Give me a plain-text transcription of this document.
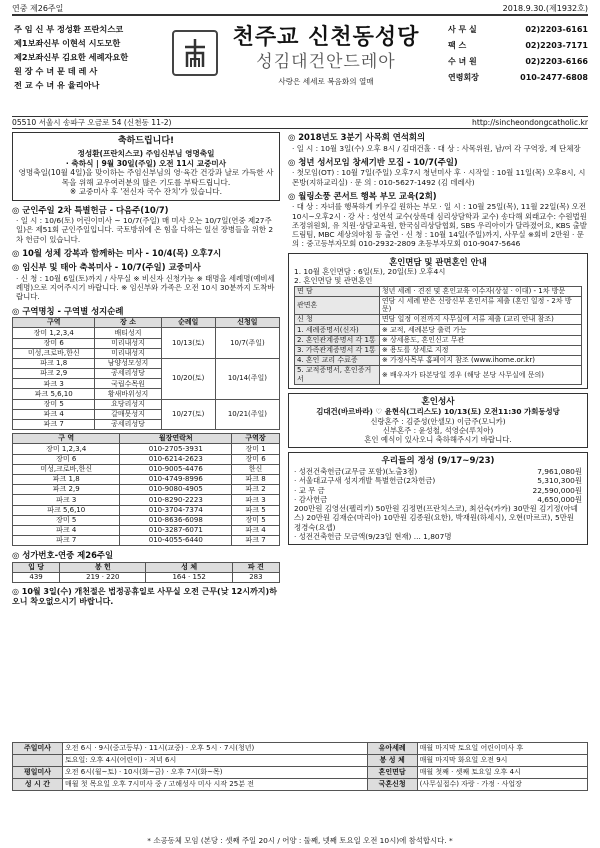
연중 제26주일	2018.9.30.(제1932호)
주 임 신 부 정성환 프란치스코
제1보좌신부 이현석 시도모한
제2보좌신부 김요한 세례자요한
원 장 수 녀 문 데 레 사
전 교 수 녀 유 율리아나
천주교 신천동성당
성김대건안드레아
사랑은 세세로 복음화의 열매
사 무 실	02)2203-6161
팩 스	02)2203-7171
수 녀 원	02)2203-6166
연령회장	010-2477-6808
05510 서울시 송파구 오금로 54 (신천동 11-2)	http://sincheondongcatholic.kr
축하드립니다!

정성환(프란치스코) 주임신부님 영명축일

· 축하식 | 9월 30일(주일) 오전 11시 교중미사

영명축일(10월 4일)을 맞이하는 주임신부님의 영·육간 건강과 날로 가득한 사목을 위해 교우여러분의 많은 기도를 부탁드립니다.

※ 교중미사 후 '전신자 국수 잔치'가 있습니다.

◎ 군인주일 2차 특별헌금 - 다음주(10/7)

· 일 시 : 10/6(토) 어린이미사 ~ 10/7(주일) 매 미사 오는 10/7일(연중 제27주일)은 제51회 군인주일입니다. 국토방위에 온 힘을 다하는 일선 장병들을 위한 2차 헌금이 있습니다.

◎ 10월 성체 강복과 함께하는 미사 - 10/4(목) 오후7시
◎ 임신부 및 태아 축복미사 - 10/7(주일) 교중미사

· 신 청 : 10월 6일(토)까지 / 사무실 ※ 비신자 신청가능 ※ 태명을 세례명(예비세례명)으로 지어주시기 바랍니다. ※ 임신부와 가족은 오전 10시 30분까지 도착바랍니다.

◎ 구역명칭 - 구역별 성지순례
구역	장 소	순례일	신청일
장미 1,2,3,4	배티성지	10/13(토)	10/7(주일)
장미 6	미리내성지		
미성,크로바,한신	미리내성지		
파크 1,8	남양성모성지	10/20(토)	10/14(주일)
파크 2,9	공세리성당		
파크 3	국립수목원		
파크 5,6,10	황새바위성지		
장미 5	요당리성지	10/27(토)	10/21(주일)
파크 4	갈매못성지		
파크 7	공세리성당		
구 역	월장연락처	구역장
장미 1,2,3,4	010-2705-3931	장미 1
장미 6	010-6214-2623	장미 6
미성,크로바,한신	010-9005-4476	한신
파크 1,8	010-4749-8996	파크 8
파크 2,9	010-9080-4905	파크 2
파크 3	010-8290-2223	파크 3
파크 5,6,10	010-3704-7374	파크 5
장미 5	010-8636-6098	장미 5
파크 4	010-3287-6071	파크 4
파크 7	010-4055-6440	파크 7
◎ 성가번호-연중 제26주일
입 당	봉 헌	성 체	파 견
439	219 · 220	164 · 152	283
◎ 10월 3일(수) 개천절은 법정공휴일로 사무실 오전 근무(낮 12시까지)하오니 착오없으시기 바랍니다.
◎ 2018년도 3분기 사목회 연석회의

· 일 시 : 10월 3일(수) 오후 8시 / 김대건홀 · 대 상 : 사목위원, 남/여 각 구역장, 제 단체장

◎ 청년 성서모임 창세기반 모집 - 10/7(주일)

· 첫모임(OT) : 10월 7일(주일) 오후7시 청년미사 후 · 시작일 : 10월 11일(목) 오후8시, 시몬방(지하교리실) · 문 의 : 010-5627-1492 (김 데레사)

◎ 월링소풍 콘서트 행복 부모 교육(2회)

· 대 상 : 자녀를 행복하게 키우길 원하는 부모 · 일 시 : 10월 25일(목), 11월 22일(목) 오전10시~오후2시 · 강 사 : 성연석 교수(상록대 심리상담학과 교수) 송다해 외래교수: 수원법원조정위원회, 유 치원·상담교육원, 한국심리상담협회, SBS 우리아이가 달라졌어요, KBS 출발드림팀, MBC 세상의아침 등 출연 · 신 청 : 10월 14일(주일)까지, 사무실 ※회비 2만원 · 문 의 : 중고등부자모회 010-2932-2809 초등부자모회 010-9047-5646

혼인면담 및 관면혼인 안내
1. 10월 혼인면담 : 6일(토), 20일(토) 오후4시
2. 혼인면담 및 관면혼인
면 담	청년 세례 · 견진 및 혼인교육 이수자(상설 · 이대) - 1차 방문
관면혼	연담 시 세례 받은 신랑신부 혼인서류 제출 (혼인 일정 - 2차 방문)
신 청	면담 일정 이전까지 사무실에 서류 제출 (교리 안내 참조)
1. 세례증명서(신자)	※ 교적, 세례본당 출력 가능
2. 혼인관계증명서 각 1통	※ 상세용도, 혼인신고 무관
3. 가족관계증명서 각 1통	※ 용도를 상세로 지정
4. 혼인 교리 수료증	※ 가정사목부 홈페이지 참조 (www.ihome.or.kr)
5. 교적증명서, 혼인증거서	※ 배우자가 타본당일 경우 (해당 본당 사무실에 문의)
혼인성사
김대건(바르바라) ♡ 윤현식(그리스도) 10/13(토) 오전11:30 가회동성당
신랑혼주 : 김준성(안셀모) 이금주(모니카)
신부혼주 : 윤성철, 석영순(루치아)
혼인 예식이 있사오니 축하해주시기 바랍니다.
우리들의 정성 (9/17~9/23)
· 성전건축헌금(교무금 포함)(노출3점)	7,961,080원
· 서울대교구새 성지개발 특별헌금(2차헌금)	5,310,300원
· 교 무 금	22,590,000원
· 감사헌금	4,650,000원
200만원 김영선(펠리키) 50만원 김정면(프란치스코), 최선숙(카카) 30만원 김기정(아녜스) 20만원 김재순(마리아) 10만원 김종원(요한), 박재원(하세시), 오현(마르코), 5만원 정경숙(요셉)
· 성전건축헌금 모금액(9/23일 현재) ... 1,807명
주일미사	오전 6시 · 9시(중고등부) · 11시(교중) · 오후 5시 · 7시(청년)	유아세례	매월 마지막 토요일 어린이미사 후
	토요일: 오후 4시(어린이) · 저녁 6시	봉 성 체	매월 마지막 화요일 오전 9시
평일미사	오전 6시(월~토) · 10시(화~금) · 오후 7시(화~목)	혼인면담	매월 첫째 · 셋째 토요일 오후 4시
성 시 간	매월 첫 목요일 오후 7시미사 중 / 고해성사 미사 시작 25분 전	국혼신청	(사무실접수) 자랑 · 가정 · 사업장
* 소공동체 모임 (본당 : 셋째 주일 20시 / 어양 : 둘째, 넷째 토요일 오전 10시)에 참석합시다. *
